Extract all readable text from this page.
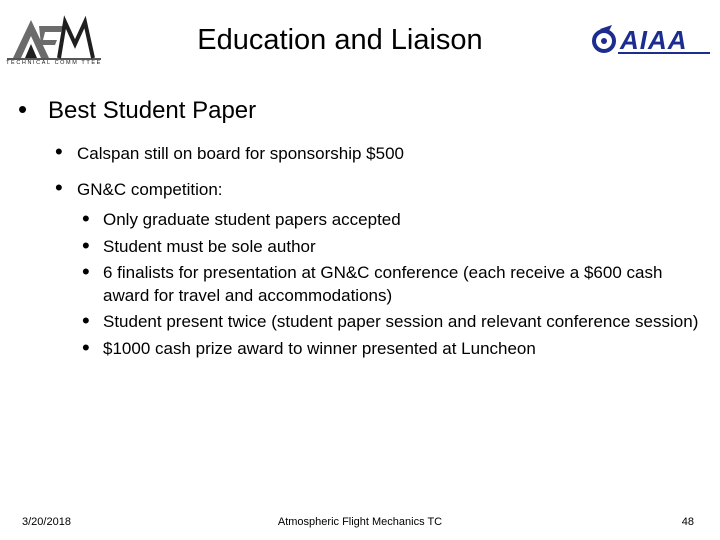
TECHNICAL COMM TTEE
Education and Liaison	AIAA
• Best Student Paper
• Calspan still on board for sponsorship $500
• GN&C competition:
• Only graduate student papers accepted
• Student must be sole author
• 6 finalists for presentation at GN&C conference (each receive a $600 cash award for travel and accommodations)
• Student present twice (student paper session and relevant conference session)
• $1000 cash prize award to winner presented at Luncheon
3/20/2018	Atmospheric Flight Mechanics TC	48
